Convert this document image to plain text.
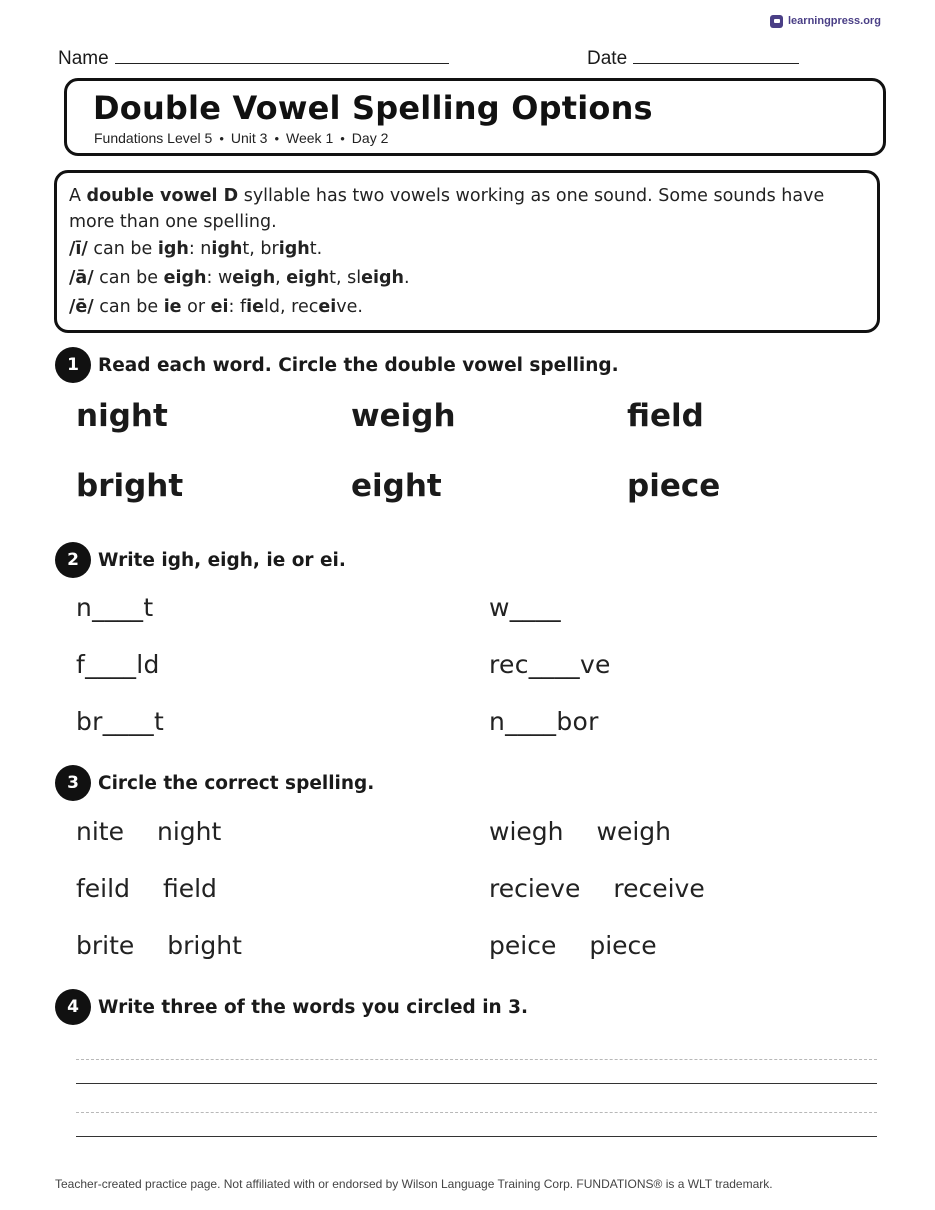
learningpress.org
Name	Date
Double Vowel Spelling Options
Fundations Level 5 • Unit 3 • Week 1 • Day 2

A double vowel D syllable has two vowels working as one sound. Some sounds have more than one spelling.

/ī/ can be igh: night, bright.

/ā/ can be eigh: weigh, eight, sleigh.

/ē/ can be ie or ei: field, receive.

1	Read each word. Circle the double vowel spelling.
night	weigh	field
bright	eight	piece
2	Write igh, eigh, ie or ei.
n____t	w____
f____ld	rec____ve
br____t	n____bor
3	Circle the correct spelling.
nite night	wiegh weigh
feild field	recieve receive
brite bright	peice piece
4	Write three of the words you circled in 3.
Teacher-created practice page. Not affiliated with or endorsed by Wilson Language Training Corp. FUNDATIONS® is a WLT trademark.
